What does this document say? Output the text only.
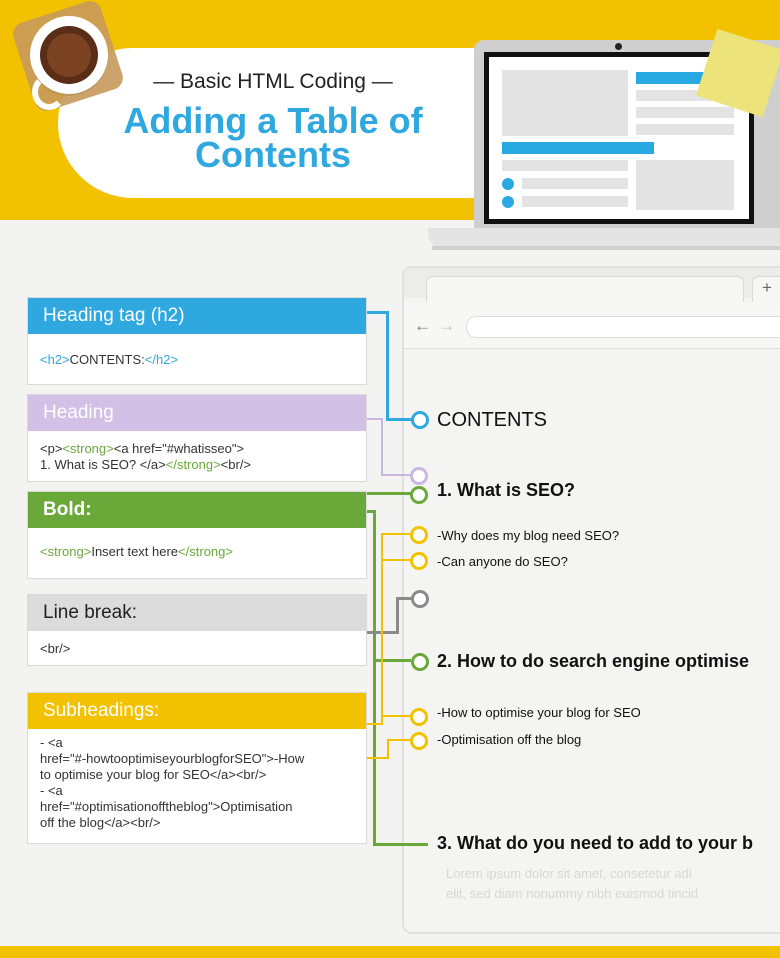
— Basic HTML Coding —
Adding a Table of
Contents
+
← →
Heading tag (h2)
<h2>CONTENTS:</h2>
Heading
<p><strong><a href="#whatisseo">
1. What is SEO? </a></strong><br/>
Bold:
<strong>Insert text here</strong>
Line break:
<br/>
Subheadings:
- <a
href="#-howtooptimiseyourblogforSEO">-How
to optimise your blog for SEO</a><br/>
- <a
href="#optimisationofftheblog">Optimisation
off the blog</a><br/>
CONTENTS
1. What is SEO?
-Why does my blog need SEO?
-Can anyone do SEO?
2. How to do search engine optimise
-How to optimise your blog for SEO
-Optimisation off the blog
3. What do you need to add to your b
Lorem ipsum dolor sit amet, consetetur adi
elit, sed diam nonummy nibh euismod tincid
